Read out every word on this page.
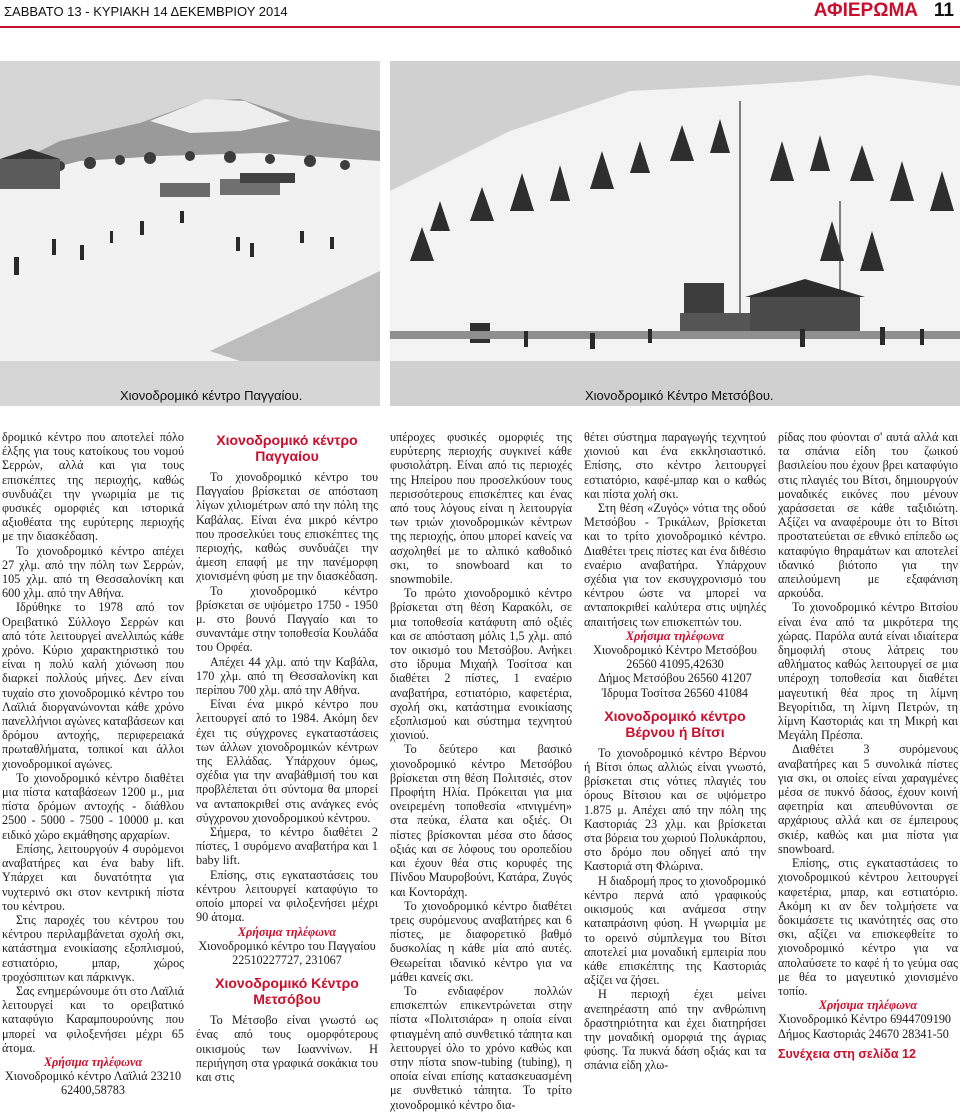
ΣΑΒΒΑΤΟ 13 - ΚΥΡΙΑΚΗ 14 ΔΕΚΕΜΒΡΙΟΥ 2014	ΑΦΙΕΡΩΜΑ 11
Χιονοδρομικό κέντρο Παγγαίου.	Χιονοδρομικό Κέντρο Μετσόβου.

δρομικό κέντρο που αποτελεί πόλο έλξης για τους κατοίκους του νομού Σερρών, αλλά και για τους επισκέπτες της περιοχής, καθώς συνδυάζει την γνωριμία με τις φυσικές ομορφιές και ιστορικά αξιοθέατα της ευρύτερης περιοχής με την διασκέδαση.

Το χιονοδρομικό κέντρο απέχει 27 χλμ. από την πόλη των Σερρών, 105 χλμ. από τη Θεσσαλονίκη και 600 χλμ. από την Αθήνα.

Ιδρύθηκε το 1978 από τον Ορειβατικό Σύλλογο Σερρών και από τότε λειτουργεί ανελλιπώς κάθε χρόνο. Κύριο χαρακτηριστικό του είναι η πολύ καλή χιόνωση που διαρκεί πολλούς μήνες. Δεν είναι τυχαίο στο χιονοδρομικό κέντρο του Λαϊλιά διοργανώνονται κάθε χρόνο πανελλήνιοι αγώνες καταβάσεων και δρόμου αντοχής, περιφερειακά πρωταθλήματα, τοπικοί και άλλοι χιονοδρομικοί αγώνες.

Το χιονοδρομικό κέντρο διαθέτει μια πίστα καταβάσεων 1200 μ., μια πίστα δρόμων αντοχής - διάθλου 2500 - 5000 - 7500 - 10000 μ. και ειδικό χώρο εκμάθησης αρχαρίων.

Επίσης, λειτουργούν 4 συρόμενοι αναβατήρες και ένα baby lift. Υπάρχει και δυνατότητα για νυχτερινό σκι στον κεντρική πίστα του κέντρου.

Στις παροχές του κέντρου του κέντρου περιλαμβάνεται σχολή σκι, κατάστημα ενοικίασης εξοπλισμού, εστιατόριο, μπαρ, χώρος τροχόσπιτων και πάρκινγκ.

Σας ενημερώνουμε ότι στο Λαϊλιά λειτουργεί και το ορειβατικό καταφύγιο Καραμπουρούνης που μπορεί να φιλοξενήσει μέχρι 65 άτομα.

Χρήσιμα τηλέφωνα

Χιονοδρομικό κέντρο Λαϊλιά 23210 62400,58783

Χιονοδρομικό κέντρο Παγγαίου

Το χιονοδρομικό κέντρο του Παγγαίου βρίσκεται σε απόσταση λίγων χιλιομέτρων από την πόλη της Καβάλας. Είναι ένα μικρό κέντρο που προσελκύει τους επισκέπτες της περιοχής, καθώς συνδυάζει την άμεση επαφή με την πανέμορφη χιονισμένη φύση με την διασκέδαση.

Το χιονοδρομικό κέντρο βρίσκεται σε υψόμετρο 1750 - 1950 μ. στο βουνό Παγγαίο και το συναντάμε στην τοποθεσία Κουλάδα του Ορφέα.

Απέχει 44 χλμ. από την Καβάλα, 170 χλμ. από τη Θεσσαλονίκη και περίπου 700 χλμ. από την Αθήνα.

Είναι ένα μικρό κέντρο που λειτουργεί από το 1984. Ακόμη δεν έχει τις σύγχρονες εγκαταστάσεις των άλλων χιονοδρομικών κέντρων της Ελλάδας. Υπάρχουν όμως, σχέδια για την αναβάθμισή του και προβλέπεται ότι σύντομα θα μπορεί να ανταποκριθεί στις ανάγκες ενός σύγχρονου χιονοδρομικού κέντρου.

Σήμερα, το κέντρο διαθέτει 2 πίστες, 1 συρόμενο αναβατήρα και 1 baby lift.

Επίσης, στις εγκαταστάσεις του κέντρου λειτουργεί καταφύγιο το οποίο μπορεί να φιλοξενήσει μέχρι 90 άτομα.

Χρήσιμα τηλέφωνα

Χιονοδρομικό κέντρο του Παγγαίου 22510227727, 231067

Χιονοδρομικό Κέντρο Μετσόβου

Το Μέτσοβο είναι γνωστό ως ένας από τους ομορφότερους οικισμούς των Ιωαννίνων. Η περιήγηση στα γραφικά σοκάκια του και στις

υπέροχες φυσικές ομορφιές της ευρύτερης περιοχής συγκινεί κάθε φυσιολάτρη. Είναι από τις περιοχές της Ηπείρου που προσελκύουν τους περισσότερους επισκέπτες και ένας από τους λόγους είναι η λειτουργία των τριών χιονοδρομικών κέντρων της περιοχής, όπου μπορεί κανείς να ασχοληθεί με το αλπικό καθοδικό σκι, το snowboard και το snowmobile.

Το πρώτο χιονοδρομικό κέντρο βρίσκεται στη θέση Καρακόλι, σε μια τοποθεσία κατάφυτη από οξιές και σε απόσταση μόλις 1,5 χλμ. από τον οικισμό του Μετσόβου. Ανήκει στο ίδρυμα Μιχαήλ Τοσίτσα και διαθέτει 2 πίστες, 1 εναέριο αναβατήρα, εστιατόριο, καφετέρια, σχολή σκι, κατάστημα ενοικίασης εξοπλισμού και σύστημα τεχνητού χιονιού.

Το δεύτερο και βασικό χιονοδρομικό κέντρο Μετσόβου βρίσκεται στη θέση Πολιτσιές, στον Προφήτη Ηλία. Πρόκειται για μια ονειρεμένη τοποθεσία «πνιγμένη» στα πεύκα, έλατα και οξιές. Οι πίστες βρίσκονται μέσα στο δάσος οξιάς και σε λόφους του οροπεδίου και έχουν θέα στις κορυφές της Πίνδου Μαυροβούνι, Κατάρα, Ζυγός και Κοντοράχη.

Το χιονοδρομικό κέντρο διαθέτει τρεις συρόμενους αναβατήρες και 6 πίστες, με διαφορετικό βαθμό δυσκολίας η κάθε μία από αυτές. Θεωρείται ιδανικό κέντρο για να μάθει κανείς σκι.

Το ενδιαφέρον πολλών επισκεπτών επικεντρώνεται στην πίστα «Πολιτσιάρα» η οποία είναι φτιαγμένη από συνθετικό τάπητα και λειτουργεί όλο το χρόνο καθώς και στην πίστα snow-tubing (tubing), η οποία είναι επίσης κατασκευασμένη με συνθετικό τάπητα. Το τρίτο χιονοδρομικό κέντρο δια-

θέτει σύστημα παραγωγής τεχνητού χιονιού και ένα εκκλησιαστικό. Επίσης, στο κέντρο λειτουργεί εστιατόριο, καφέ-μπαρ και ο καθώς και πίστα χολή σκι.

Στη θέση «Ζυγός» νότια της οδού Μετσόβου - Τρικάλων, βρίσκεται και το τρίτο χιονοδρομικό κέντρο. Διαθέτει τρεις πίστες και ένα διθέσιο εναέριο αναβατήρα. Υπάρχουν σχέδια για τον εκσυγχρονισμό του κέντρου ώστε να μπορεί να ανταποκριθεί καλύτερα στις υψηλές απαιτήσεις των επισκεπτών του.

Χρήσιμα τηλέφωνα

Χιονοδρομικό Κέντρο Μετσόβου 26560 41095,42630

Δήμος Μετσόβου 26560 41207

Ίδρυμα Τοσίτσα 26560 41084

Χιονοδρομικό κέντρο Βέρνου ή Βίτσι

Το χιονοδρομικό κέντρο Βέρνου ή Βίτσι όπως αλλιώς είναι γνωστό, βρίσκεται στις νότιες πλαγιές του όρους Βίτσιου και σε υψόμετρο 1.875 μ. Απέχει από την πόλη της Καστοριάς 23 χλμ. και βρίσκεται στα βόρεια του χωριού Πολυκάρπου, στο δρόμο που οδηγεί από την Καστοριά στη Φλώρινα.

Η διαδρομή προς το χιονοδρομικό κέντρο περνά από γραφικούς οικισμούς και ανάμεσα στην καταπράσινη φύση. Η γνωριμία με το ορεινό σύμπλεγμα του Βίτσι αποτελεί μια μοναδική εμπειρία που κάθε επισκέπτης της Καστοριάς αξίζει να ζήσει.

Η περιοχή έχει μείνει ανεπηρέαστη από την ανθρώπινη δραστηριότητα και έχει διατηρήσει την μοναδική ομορφιά της άγριας φύσης. Τα πυκνά δάση οξιάς και τα σπάνια είδη χλω-

ρίδας που φύονται σ' αυτά αλλά και τα σπάνια είδη του ζωικού βασιλείου που έχουν βρει καταφύγιο στις πλαγιές του Βίτσι, δημιουργούν μοναδικές εικόνες που μένουν χαράσσεται σε κάθε ταξιδιώτη. Αξίζει να αναφέρουμε ότι το Βίτσι προστατεύεται σε εθνικό επίπεδο ως καταφύγιο θηραμάτων και αποτελεί ιδανικό βιότοπο για την απειλούμενη με εξαφάνιση αρκούδα.

Το χιονοδρομικό κέντρο Βιτσίου είναι ένα από τα μικρότερα της χώρας. Παρόλα αυτά είναι ιδιαίτερα δημοφιλή στους λάτρεις του αθλήματος καθώς λειτουργεί σε μια υπέροχη τοποθεσία και διαθέτει μαγευτική θέα προς τη λίμνη Βεγορίτιδα, τη λίμνη Πετρών, τη λίμνη Καστοριάς και τη Μικρή και Μεγάλη Πρέσπα.

Διαθέτει 3 συρόμενους αναβατήρες και 5 συνολικά πίστες για σκι, οι οποίες είναι χαραγμένες μέσα σε πυκνό δάσος, έχουν κοινή αφετηρία και απευθύνονται σε αρχάριους αλλά και σε έμπειρους σκιέρ, καθώς και μια πίστα για snowboard.

Επίσης, στις εγκαταστάσεις το χιονοδρομικού κέντρου λειτουργεί καφετέρια, μπαρ, και εστιατόριο. Ακόμη κι αν δεν τολμήσετε να δοκιμάσετε τις ικανότητές σας στο σκι, αξίζει να επισκεφθείτε το χιονοδρομικό κέντρο για να απολαύσετε το καφέ ή το γεύμα σας με θέα το μαγευτικό χιονισμένο τοπίο.

Χρήσιμα τηλέφωνα

Χιονοδρομικό Κέντρο 6944709190

Δήμος Καστοριάς 24670 28341-50

Συνέχεια στη σελίδα 12
